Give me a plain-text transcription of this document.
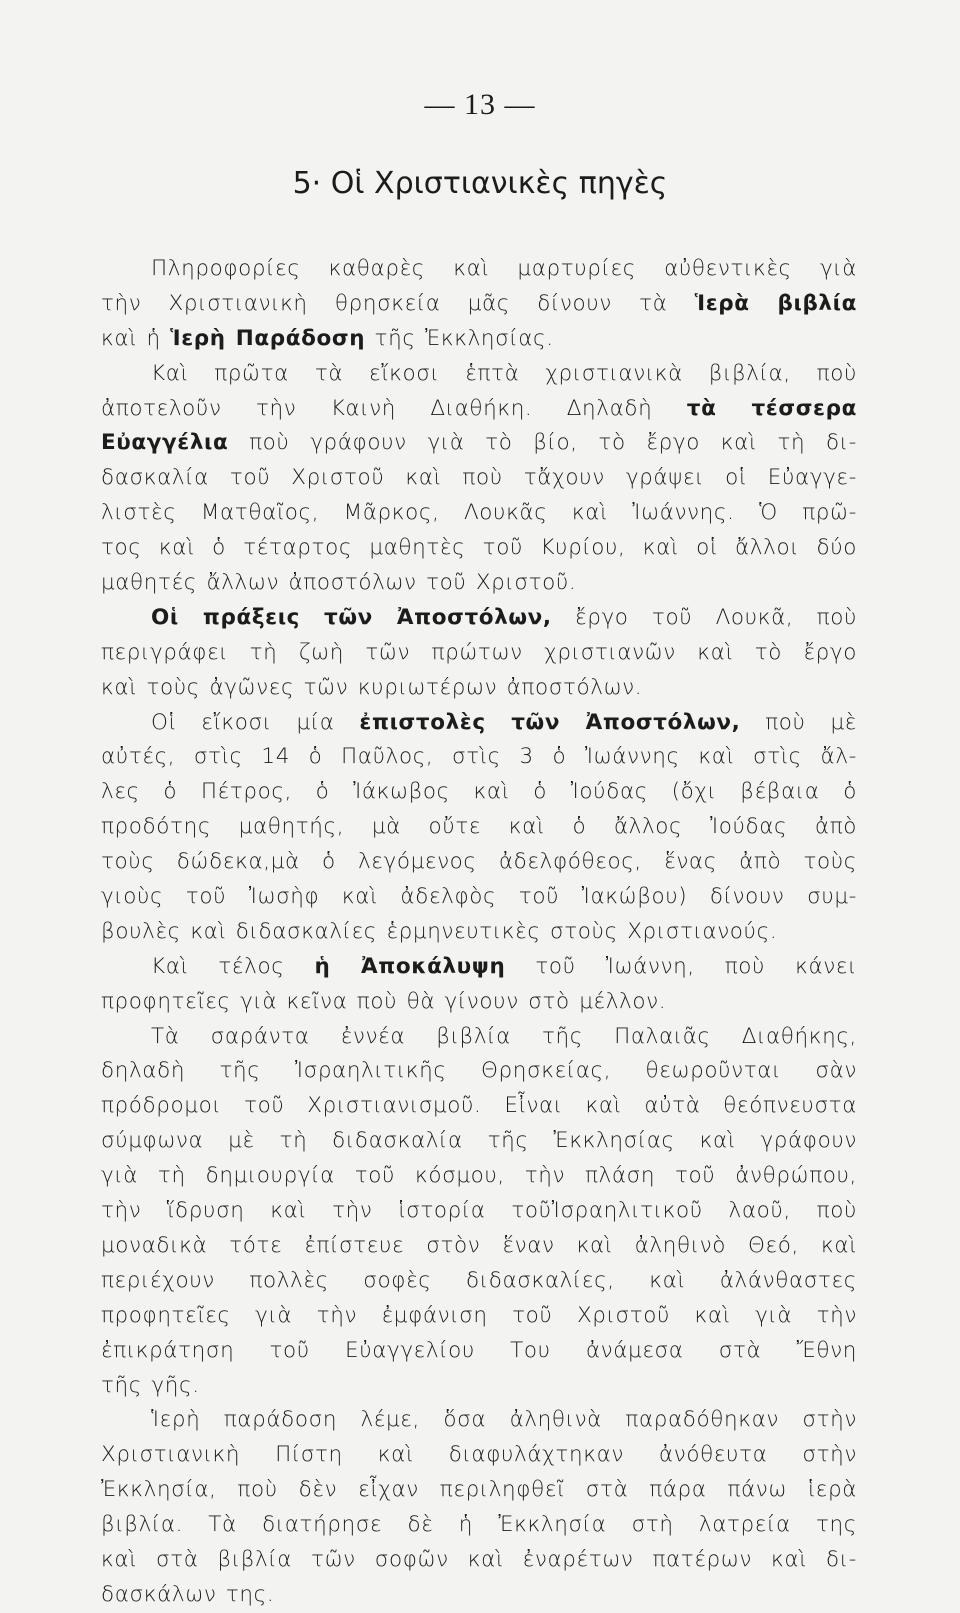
— 13 —
5· Οἱ Χριστιανικὲς πηγὲς
Πληροφορίες καθαρὲς καὶ μαρτυρίες αὐθεντικὲς γιὰ
τὴν Χριστιανικὴ θρησκεία μᾶς δίνουν τὰ Ἱερὰ βιβλία
καὶ ἡ Ἱερὴ Παράδοση τῆς Ἐκκλησίας.
Καὶ πρῶτα τὰ εἴκοσι ἑπτὰ χριστιανικὰ βιβλία, ποὺ
ἀποτελοῦν τὴν Καινὴ Διαθήκη. Δηλαδὴ τὰ τέσσερα
Εὐαγγέλια ποὺ γράφουν γιὰ τὸ βίο, τὸ ἔργο καὶ τὴ δι-
δασκαλία τοῦ Χριστοῦ καὶ ποὺ τἄχουν γράψει οἱ Εὐαγγε-
λιστὲς Ματθαῖος, Μᾶρκος, Λουκᾶς καὶ Ἰωάννης. Ὁ πρῶ-
τος καὶ ὁ τέταρτος μαθητὲς τοῦ Κυρίου, καὶ οἱ ἄλλοι δύο
μαθητές ἄλλων ἀποστόλων τοῦ Χριστοῦ.
Οἱ πράξεις τῶν Ἀποστόλων, ἔργο τοῦ Λουκᾶ, ποὺ
περιγράφει τὴ ζωὴ τῶν πρώτων χριστιανῶν καὶ τὸ ἔργο
καὶ τοὺς ἀγῶνες τῶν κυριωτέρων ἀποστόλων.
Οἱ εἴκοσι μία ἐπιστολὲς τῶν Ἀποστόλων, ποὺ μὲ
αὐτές, στὶς 14 ὁ Παῦλος, στὶς 3 ὁ Ἰωάννης καὶ στὶς ἄλ-
λες ὁ Πέτρος, ὁ Ἰάκωβος καὶ ὁ Ἰούδας (ὄχι βέβαια ὁ
προδότης μαθητής, μὰ οὔτε καὶ ὁ ἄλλος Ἰούδας ἀπὸ
τοὺς δώδεκα,μὰ ὁ λεγόμενος ἀδελφόθεος, ἕνας ἀπὸ τοὺς
γιοὺς τοῦ Ἰωσὴφ καὶ ἀδελφὸς τοῦ Ἰακώβου) δίνουν συμ-
βουλὲς καὶ διδασκαλίες ἑρμηνευτικὲς στοὺς Χριστιανούς.
Καὶ τέλος ἡ Ἀποκάλυψη τοῦ Ἰωάννη, ποὺ κάνει
προφητεῖες γιὰ κεῖνα ποὺ θὰ γίνουν στὸ μέλλον.
Τὰ σαράντα ἐννέα βιβλία τῆς Παλαιᾶς Διαθήκης,
δηλαδὴ τῆς Ἰσραηλιτικῆς Θρησκείας, θεωροῦνται σὰν
πρόδρομοι τοῦ Χριστιανισμοῦ. Εἶναι καὶ αὐτὰ θεόπνευστα
σύμφωνα μὲ τὴ διδασκαλία τῆς Ἐκκλησίας καὶ γράφουν
γιὰ τὴ δημιουργία τοῦ κόσμου, τὴν πλάση τοῦ ἀνθρώπου,
τὴν ἵδρυση καὶ τὴν ἱστορία τοῦἸσραηλιτικοῦ λαοῦ, ποὺ
μοναδικὰ τότε ἐπίστευε στὸν ἕναν καὶ ἀληθινὸ Θεό, καὶ
περιέχουν πολλὲς σοφὲς διδασκαλίες, καὶ ἀλάνθαστες
προφητεῖες γιὰ τὴν ἐμφάνιση τοῦ Χριστοῦ καὶ γιὰ τὴν
ἐπικράτηση τοῦ Εὐαγγελίου Του ἀνάμεσα στὰ Ἔθνη
τῆς γῆς.
Ἱερὴ παράδοση λέμε, ὅσα ἀληθινὰ παραδόθηκαν στὴν
Χριστιανικὴ Πίστη καὶ διαφυλάχτηκαν ἀνόθευτα στὴν
Ἐκκλησία, ποὺ δὲν εἶχαν περιληφθεῖ στὰ πάρα πάνω ἱερὰ
βιβλία. Τὰ διατήρησε δὲ ἡ Ἐκκλησία στὴ λατρεία της
καὶ στὰ βιβλία τῶν σοφῶν καὶ ἐναρέτων πατέρων καὶ δι-
δασκάλων της.
